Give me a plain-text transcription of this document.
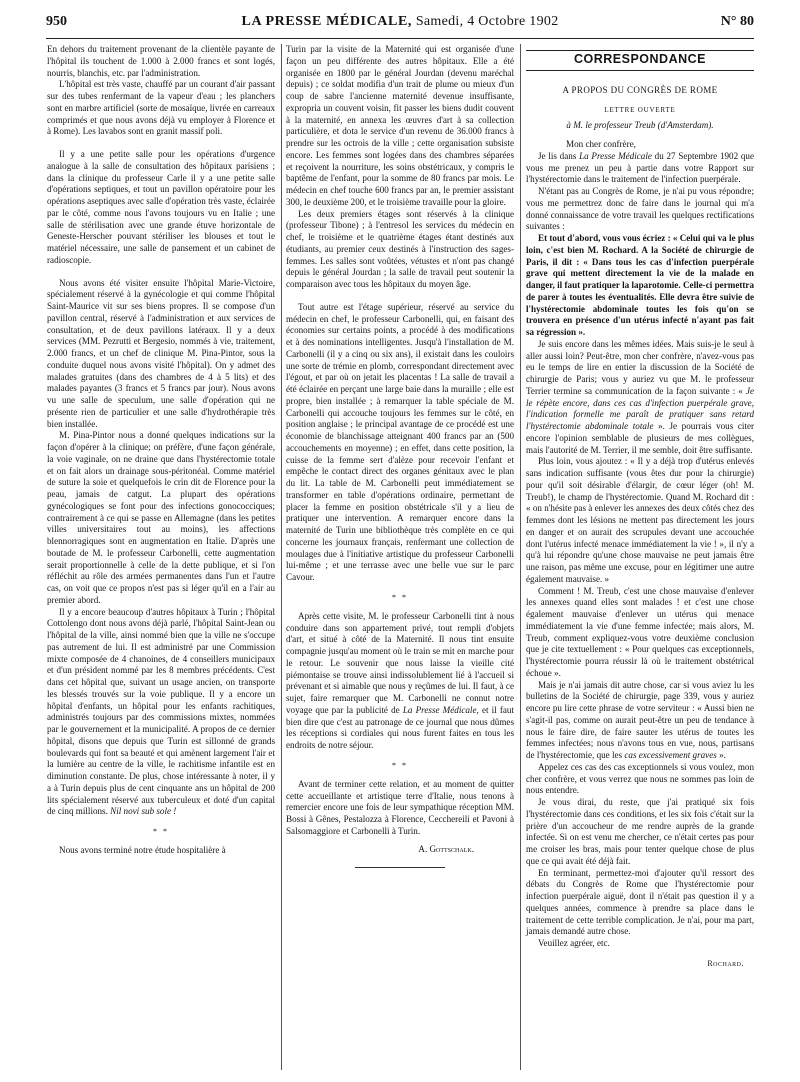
950	LA PRESSE MÉDICALE, Samedi, 4 Octobre 1902	N° 80

En dehors du traitement provenant de la clientèle payante de l'hôpital ils touchent de 1.000 à 2.000 francs et sont logés, nourris, blanchis, etc. par l'administration.

L'hôpital est très vaste, chauffé par un courant d'air passant sur des tubes renfermant de la vapeur d'eau ; les planchers sont en marbre artificiel (sorte de mosaïque, livrée en carreaux comprimés et que nous avons déjà vu employer à Florence et à Rome). Les lavabos sont en granit massif poli.

Il y a une petite salle pour les opérations d'urgence analogue à la salle de consultation des hôpitaux parisiens ; dans la clinique du professeur Carle il y a une petite salle d'opérations septiques, et tout un pavillon opératoire pour les opérations aseptiques avec salle d'opération très vaste, éclairée par le côté, comme nous l'avons toujours vu en Italie ; une salle de stérilisation avec une grande étuve horizontale de Geneste-Herscher pouvant stériliser les blouses et tout le matériel nécessaire, une salle de pansement et un cabinet de radioscopie.

Nous avons été visiter ensuite l'hôpital Marie-Victoire, spécialement réservé à la gynécologie et qui comme l'hôpital Saint-Maurice vit sur ses biens propres. Il se compose d'un pavillon central, réservé à l'administration et aux services de consultation, et de deux pavillons latéraux. Il y a deux services (MM. Pezrutti et Bergesio, nommés à vie, traitement, 2.000 francs, et un chef de clinique M. Pina-Pintor, sous la conduite duquel nous avons visité l'hôpital). On y admet des malades gratuites (dans des chambres de 4 à 5 lits) et des malades payantes (3 francs et 5 francs par jour). Nous avons vu une salle de speculum, une salle d'opération qui ne présente rien de particulier et une salle d'hydrothérapie très bien installée.

M. Pina-Pintor nous a donné quelques indications sur la façon d'opérer à la clinique; on préfère, d'une façon générale, la voie vaginale, on ne draine que dans l'hystérectomie totale et on fait alors un drainage sous-péritonéal. Comme matériel de suture la soie et quelquefois le crin dit de Florence pour la peau, jamais de catgut. La plupart des opérations gynécologiques se font pour des infections gonococciques; contrairement à ce qui se passe en Allemagne (dans les petites villes universitaires tout au moins), les affections blennorragiques sont en augmentation en Italie. D'après une boutade de M. le professeur Carbonelli, cette augmentation serait proportionnelle à celle de la dette publique, et si l'on réfléchit au rôle des armées permanentes dans l'un et l'autre cas, on voit que ce propos n'est pas si léger qu'il en a l'air au premier abord.

Il y a encore beaucoup d'autres hôpitaux à Turin ; l'hôpital Cottolengo dont nous avons déjà parlé, l'hôpital Saint-Jean ou l'hôpital de la ville, ainsi nommé bien que la ville ne s'occupe pas autrement de lui. Il est administré par une Commission mixte composée de 4 chanoines, de 4 conseillers municipaux et d'un président nommé par les 8 membres précédents. C'est dans cet hôpital que, suivant un usage ancien, on transporte les blessés trouvés sur la voie publique. Il y a encore un hôpital d'enfants, un hôpital pour les enfants rachitiques, administrés toujours par des commissions mixtes, nommées par le gouvernement et la municipalité. A propos de ce dernier hôpital, disons que depuis que Turin est sillonné de grands boulevards qui font sa beauté et qui amènent largement l'air et la lumière au centre de la ville, le rachitisme infantile est en diminution constante. De plus, chose intéressante à noter, il y a à Turin depuis plus de cent cinquante ans un hôpital de 200 lits spécialement réservé aux tuberculeux et doté d'un capital de cinq millions. Nil novi sub sole !

* *

Nous avons terminé notre étude hospitalière à

Turin par la visite de la Maternité qui est organisée d'une façon un peu différente des autres hôpitaux. Elle a été organisée en 1800 par le général Jourdan (devenu maréchal depuis) ; ce soldat modifia d'un trait de plume ou mieux d'un coup de sabre l'ancienne maternité devenue insuffisante, expropria un couvent voisin, fit passer les biens dudit couvent à la maternité, en annexa les œuvres d'art à sa collection particulière, et dota le service d'un revenu de 36.000 francs à prendre sur les octrois de la ville ; cette organisation subsiste encore. Les femmes sont logées dans des chambres séparées et reçoivent la nourriture, les soins obstétricaux, y compris le baptême de l'enfant, pour la somme de 80 francs par mois. Le médecin en chef touche 600 francs par an, le premier assistant 300, le deuxième 200, et le troisième travaille pour la gloire.

Les deux premiers étages sont réservés à la clinique (professeur Tibone) ; à l'entresol les services du médecin en chef, le troisième et le quatrième étages étant destinés aux étudiants, au premier ceux destinés à l'instruction des sages-femmes. Les salles sont voûtées, vétustes et n'ont pas changé depuis le général Jourdan ; la salle de travail peut soutenir la comparaison avec tous les hôpitaux du moyen âge.

Tout autre est l'étage supérieur, réservé au service du médecin en chef, le professeur Carbonelli, qui, en faisant des économies sur certains points, a procédé à des modifications et à des nominations intelligentes. Jusqu'à l'installation de M. Carbonelli (il y a cinq ou six ans), il existait dans les couloirs une sorte de trémie en plomb, correspondant directement avec l'égout, et par où on jetait les placentas ! La salle de travail a été éclairée en perçant une large baie dans la muraille ; elle est propre, bien installée ; à remarquer la table spéciale de M. Carbonelli qui accouche toujours les femmes sur le côté, en position anglaise ; le principal avantage de ce procédé est une économie de blanchissage atteignant 400 francs par an (500 accouchements en moyenne) ; en effet, dans cette position, la cuisse de la femme sert d'alèze pour recevoir l'enfant et empêche le contact direct des organes génitaux avec le plan du lit. La table de M. Carbonelli peut immédiatement se transformer en table d'opérations ordinaire, permettant de placer la femme en position obstétricale s'il y a lieu de pratiquer une intervention. A remarquer encore dans la maternité de Turin une bibliothèque très complète en ce qui concerne les journaux français, renfermant une collection de moulages due à l'initiative artistique du professeur Carbonelli lui-même ; et une terrasse avec une belle vue sur le parc Cavour.

* *

Après cette visite, M. le professeur Carbonelli tint à nous conduire dans son appartement privé, tout rempli d'objets d'art, et situé à côté de la Maternité. Il nous tint ensuite compagnie jusqu'au moment où le train se mit en marche pour le retour. Le souvenir que nous laisse la vieille cité piémontaise se trouve ainsi indissolublement lié à l'accueil si prévenant et si aimable que nous y reçûmes de lui. Il faut, à ce sujet, faire remarquer que M. Carbonelli ne connut notre voyage que par la publicité de La Presse Médicale, et il faut bien dire que c'est au patronage de ce journal que nous dûmes les réceptions si cordiales qui nous furent faites en tous les endroits de notre séjour.

* *

Avant de terminer cette relation, et au moment de quitter cette accueillante et artistique terre d'Italie, nous tenons à remercier encore une fois de leur sympathique réception MM. Bossi à Gênes, Pestalozza à Florence, Cecchereili et Pavoni à Salsomaggiore et Carbonelli à Turin.

A. Gottschalk.

CORRESPONDANCE

A PROPOS DU CONGRÈS DE ROME

LETTRE OUVERTE

à M. le professeur Treub (d'Amsterdam).

Mon cher confrère,

Je lis dans La Presse Médicale du 27 Septembre 1902 que vous me prenez un peu à partie dans votre Rapport sur l'hystérectomie dans le traitement de l'infection puerpérale.

N'étant pas au Congrès de Rome, je n'ai pu vous répondre; vous me permettrez donc de faire dans le journal qui m'a donné connaissance de votre travail les quelques rectifications suivantes :

Et tout d'abord, vous vous écriez : « Celui qui va le plus loin, c'est bien M. Rochard. A la Société de chirurgie de Paris, il dit : « Dans tous les cas d'infection puerpérale grave qui mettent directement la vie de la malade en danger, il faut pratiquer la laparotomie. Celle-ci permettra de parer à toutes les éventualités. Elle devra être suivie de l'hystérectomie abdominale toutes les fois qu'on se trouvera en présence d'un utérus infecté n'ayant pas fait sa régression ».

Je suis encore dans les mêmes idées. Mais suis-je le seul à aller aussi loin? Peut-être, mon cher confrère, n'avez-vous pas eu le temps de lire en entier la discussion de la Société de chirurgie de Paris; vous y auriez vu que M. le professeur Terrier termine sa communication de la façon suivante : « Je le répète encore, dans ces cas d'infection puerpérale grave, l'indication formelle me paraît de pratiquer sans retard l'hystérectomie abdominale totale ». Je pourrais vous citer encore l'opinion semblable de plusieurs de mes collègues, mais l'autorité de M. Terrier, il me semble, doit être suffisante.

Plus loin, vous ajoutez : « Il y a déjà trop d'utérus enlevés sans indication suffisante (vous êtes dur pour la chirurgie) pour qu'il soit désirable d'élargir, de cœur léger (oh! M. Treub!), le champ de l'hystérectomie. Quand M. Rochard dit : « on n'hésite pas à enlever les annexes des deux côtés chez des femmes dont les lésions ne mettent pas directement les jours en danger et on aurait des scrupules devant une accouchée dont l'utérus infecté menace immédiatement la vie ! », il n'y a qu'à lui répondre qu'une chose mauvaise ne peut jamais être une raison, pas même une excuse, pour en légitimer une autre également mauvaise. »

Comment ! M. Treub, c'est une chose mauvaise d'enlever les annexes quand elles sont malades ! et c'est une chose également mauvaise d'enlever un utérus qui menace immédiatement la vie d'une femme infectée; mais alors, M. Treub, comment expliquez-vous votre deuxième conclusion que je cite textuellement : « Pour quelques cas exceptionnels, l'hystérectomie pourra réussir là où le traitement obstétrical échoue ».

Mais je n'ai jamais dit autre chose, car si vous aviez lu les bulletins de la Société de chirurgie, page 339, vous y auriez encore pu lire cette phrase de votre serviteur : « Aussi bien ne s'agit-il pas, comme on aurait peut-être un peu de tendance à nous le faire dire, de faire sauter les utérus de toutes les femmes infectées; nous n'avons tous en vue, nous, partisans de l'hystérectomie, que les cas excessivement graves ».

Appelez ces cas des cas exceptionnels si vous voulez, mon cher confrère, et vous verrez que nous ne sommes pas loin de nous entendre.

Je vous dirai, du reste, que j'ai pratiqué six fois l'hystérectomie dans ces conditions, et les six fois c'était sur la prière d'un accoucheur de me rendre auprès de la grande infectée. Si on est venu me chercher, ce n'était certes pas pour me croiser les bras, mais pour tenter quelque chose de plus que ce qui avait été déjà fait.

En terminant, permettez-moi d'ajouter qu'il ressort des débats du Congrès de Rome que l'hystérectomie pour infection puerpérale aiguë, dont il n'était pas question il y a quelques années, commence à prendre sa place dans le traitement de cette terrible complication. Je n'ai, pour ma part, jamais demandé autre chose.

Veuillez agréer, etc.

Rochard.
